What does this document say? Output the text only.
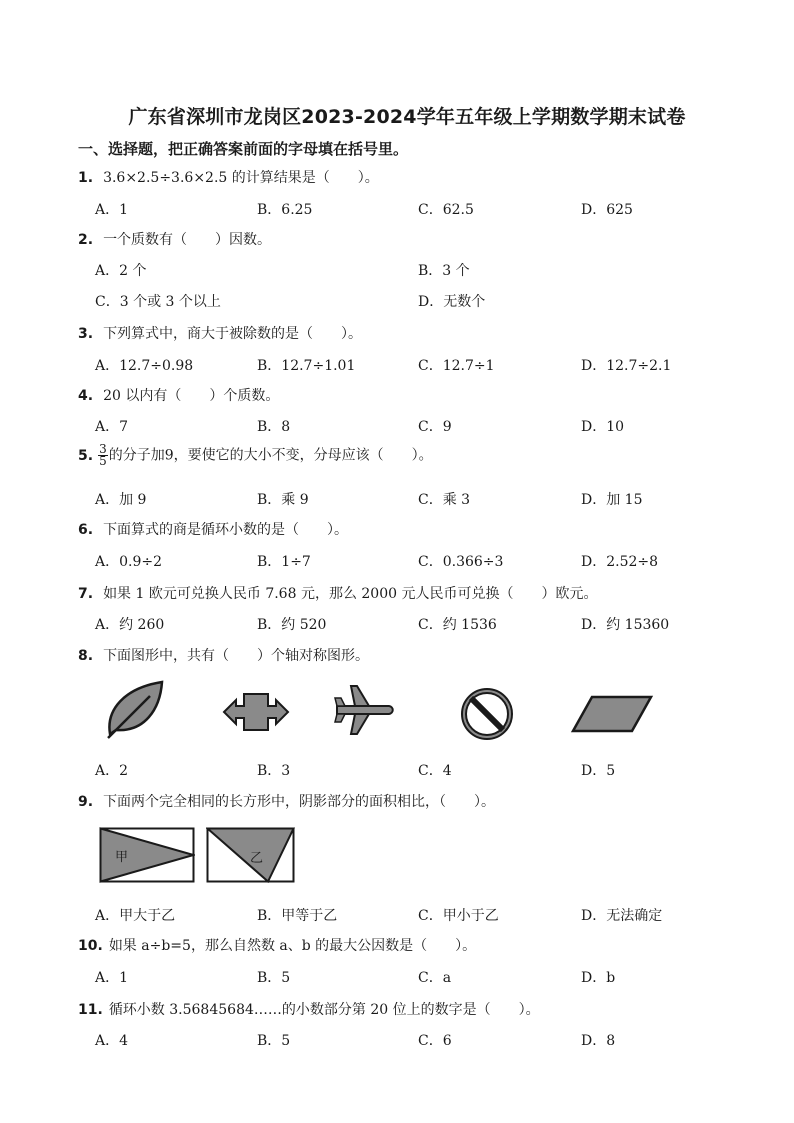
广东省深圳市龙岗区2023-2024学年五年级上学期数学期末试卷
一、选择题，把正确答案前面的字母填在括号里。
1. 3.6×2.5÷3.6×2.5 的计算结果是（　　）。
A．1	B．6.25	C．62.5	D．625
2. 一个质数有（　　）因数。
A．2 个	B．3 个
C．3 个或 3 个以上	D．无数个
3. 下列算式中，商大于被除数的是（　　）。
A．12.7÷0.98	B．12.7÷1.01	C．12.7÷1	D．12.7÷2.1
4. 20 以内有（　　）个质数。
A．7	B．8	C．9	D．10
5. $\frac{3}{5}$ 的分子加9，要使它的大小不变，分母应该（　　）。
A．加 9	B．乘 9	C．乘 3	D．加 15
6. 下面算式的商是循环小数的是（　　）。
A．0.9÷2	B．1÷7	C．0.366÷3	D．2.52÷8
7. 如果 1 欧元可兑换人民币 7.68 元，那么 2000 元人民币可兑换（　　）欧元。
A．约 260	B．约 520	C．约 1536	D．约 15360
8. 下面图形中，共有（　　）个轴对称图形。
A．2	B．3	C．4	D．5
9. 下面两个完全相同的长方形中，阴影部分的面积相比，（　　）。
甲	乙
A．甲大于乙	B．甲等于乙	C．甲小于乙	D．无法确定
10. 如果 a÷b=5，那么自然数 a、b 的最大公因数是（　　）。
A．1	B．5	C．a	D．b
11. 循环小数 3.56845684……的小数部分第 20 位上的数字是（　　）。
A．4	B．5	C．6	D．8
